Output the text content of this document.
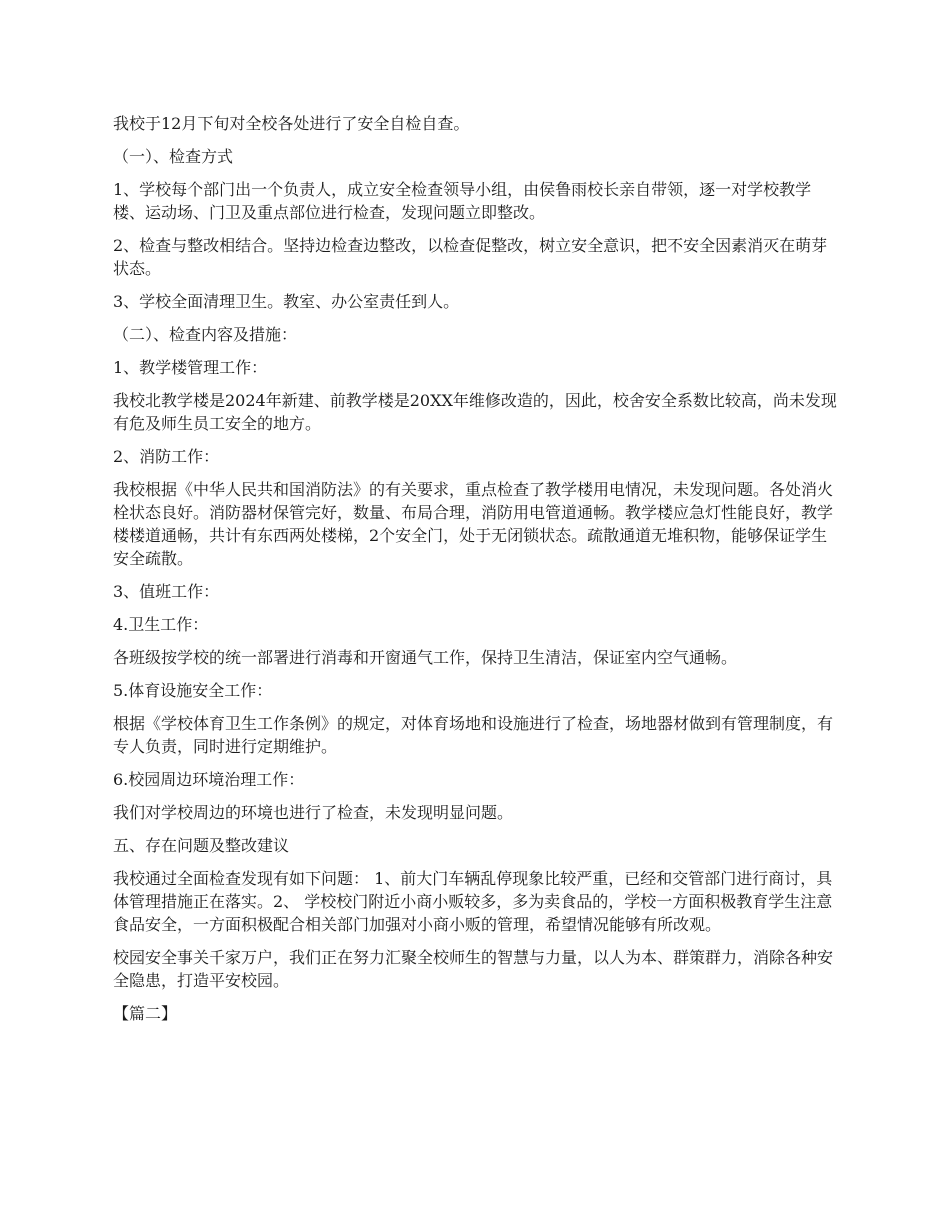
我校于12月下旬对全校各处进行了安全自检自查。

（一）、检查方式

1、学校每个部门出一个负责人，成立安全检查领导小组，由侯鲁雨校长亲自带领，逐一对学校教学楼、运动场、门卫及重点部位进行检查，发现问题立即整改。

2、检查与整改相结合。坚持边检查边整改，以检查促整改，树立安全意识，把不安全因素消灭在萌芽状态。

3、学校全面清理卫生。教室、办公室责任到人。

（二）、检查内容及措施：

1、教学楼管理工作：

我校北教学楼是2024年新建、前教学楼是20XX年维修改造的，因此，校舍安全系数比较高，尚未发现有危及师生员工安全的地方。

2、消防工作：

我校根据《中华人民共和国消防法》的有关要求，重点检查了教学楼用电情况，未发现问题。各处消火栓状态良好。消防器材保管完好，数量、布局合理，消防用电管道通畅。教学楼应急灯性能良好，教学楼楼道通畅，共计有东西两处楼梯，2个安全门，处于无闭锁状态。疏散通道无堆积物，能够保证学生安全疏散。

3、值班工作：

4.卫生工作：

各班级按学校的统一部署进行消毒和开窗通气工作，保持卫生清洁，保证室内空气通畅。

5.体育设施安全工作：

根据《学校体育卫生工作条例》的规定，对体育场地和设施进行了检查，场地器材做到有管理制度，有专人负责，同时进行定期维护。

6.校园周边环境治理工作：

我们对学校周边的环境也进行了检查，未发现明显问题。

五、存在问题及整改建议

我校通过全面检查发现有如下问题： 1、前大门车辆乱停现象比较严重，已经和交管部门进行商讨，具体管理措施正在落实。2、 学校校门附近小商小贩较多，多为卖食品的，学校一方面积极教育学生注意食品安全，一方面积极配合相关部门加强对小商小贩的管理，希望情况能够有所改观。

校园安全事关千家万户，我们正在努力汇聚全校师生的智慧与力量，以人为本、群策群力，消除各种安全隐患，打造平安校园。

【篇二】
